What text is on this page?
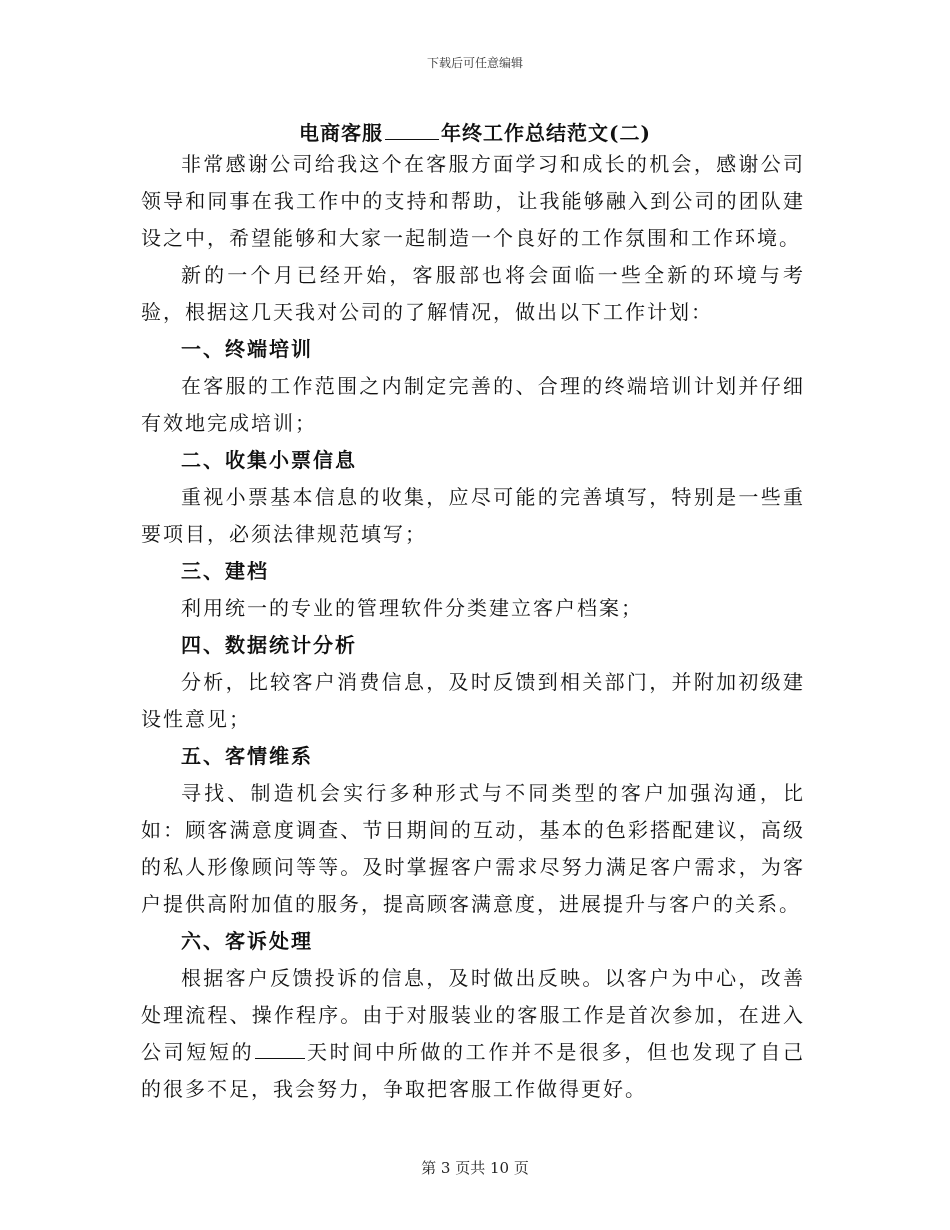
下载后可任意编辑
电商客服	年终工作总结范文(二)

非常感谢公司给我这个在客服方面学习和成长的机会，感谢公司领导和同事在我工作中的支持和帮助，让我能够融入到公司的团队建设之中，希望能够和大家一起制造一个良好的工作氛围和工作环境。

新的一个月已经开始，客服部也将会面临一些全新的环境与考验，根据这几天我对公司的了解情况，做出以下工作计划：

一、终端培训

在客服的工作范围之内制定完善的、合理的终端培训计划并仔细有效地完成培训；

二、收集小票信息

重视小票基本信息的收集，应尽可能的完善填写，特别是一些重要项目，必须法律规范填写；

三、建档

利用统一的专业的管理软件分类建立客户档案；

四、数据统计分析

分析，比较客户消费信息，及时反馈到相关部门，并附加初级建设性意见；

五、客情维系

寻找、制造机会实行多种形式与不同类型的客户加强沟通，比如：顾客满意度调查、节日期间的互动，基本的色彩搭配建议，高级的私人形像顾问等等。及时掌握客户需求尽努力满足客户需求，为客户提供高附加值的服务，提高顾客满意度，进展提升与客户的关系。

六、客诉处理

根据客户反馈投诉的信息，及时做出反映。以客户为中心，改善处理流程、操作程序。由于对服装业的客服工作是首次参加，在进入公司短短的	天时间中所做的工作并不是很多，但也发现了自己的很多不足，我会努力，争取把客服工作做得更好。

第 3 页共 10 页
